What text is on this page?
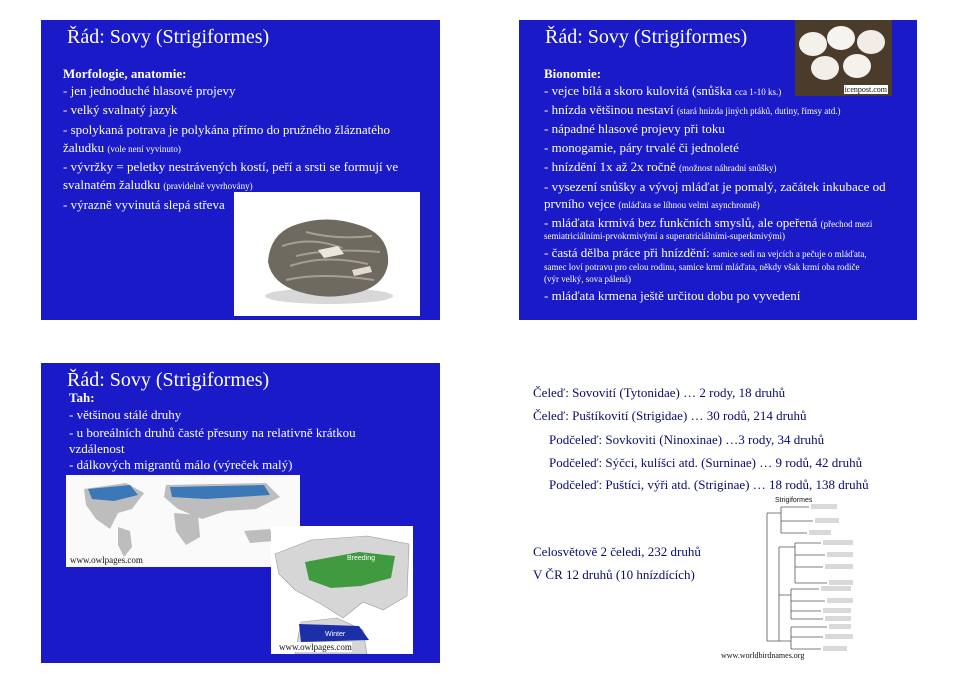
Řád: Sovy (Strigiformes)
Morfologie, anatomie:
- jen jednoduché hlasové projevy
- velký svalnatý jazyk
- spolykaná potrava je polykána přímo do pružného žláznatého
žaludku (vole není vyvinuto)
- vývržky = peletky nestrávených kostí, peří a srsti se formují ve
svalnatém žaludku (pravidelně vyvrhovány)
- výrazně vyvinutá slepá střeva
Řád: Sovy (Strigiformes)
Bionomie:
- vejce bílá a skoro kulovitá (snůška cca 1-10 ks.)
- hnízda většinou nestaví (stará hnízda jiných ptáků, dutiny, římsy atd.)
- nápadné hlasové projevy při toku
- monogamie, páry trvalé či jednoleté
- hnízdění 1x až 2x ročně (možnost náhradní snůšky)
- vysezení snůšky a vývoj mláďat je pomalý, začátek inkubace od
prvního vejce (mláďata se líhnou velmi asynchronně)
- mláďata krmivá bez funkčních smyslů, ale opeřená (přechod mezi
semiatriciálními-prvokrmivými a superatriciálními-superkmivými)
- častá dělba práce při hnízdění: samice sedí na vejcích a pečuje o mláďata,
samec loví potravu pro celou rodinu, samice krmí mláďata, někdy však krmí oba rodiče
(výr velký, sova pálená)
- mláďata krmena ještě určitou dobu po vyvedení
icenpost.com
Řád: Sovy (Strigiformes)
Tah:
- většinou stálé druhy
- u boreálních druhů časté přesuny na relativně krátkou
vzdálenost
- dálkových migrantů málo (výreček malý)
www.owlpages.com	Breeding
Winter
www.owlpages.com
Čeleď: Sovovití (Tytonidae) … 2 rody, 18 druhů
Čeleď: Puštíkovití (Strigidae) … 30 rodů, 214 druhů
Podčeleď: Sovkoviti (Ninoxinae) …3 rody, 34 druhů
Podčeleď: Sýčci, kulíšci atd. (Surninae) … 9 rodů, 42 druhů
Podčeleď: Puštíci, výři atd. (Striginae) … 18 rodů, 138 druhů
Celosvětově 2 čeledi, 232 druhů
V ČR 12 druhů (10 hnízdících)
Strigiformes
www.worldbirdnames.org
